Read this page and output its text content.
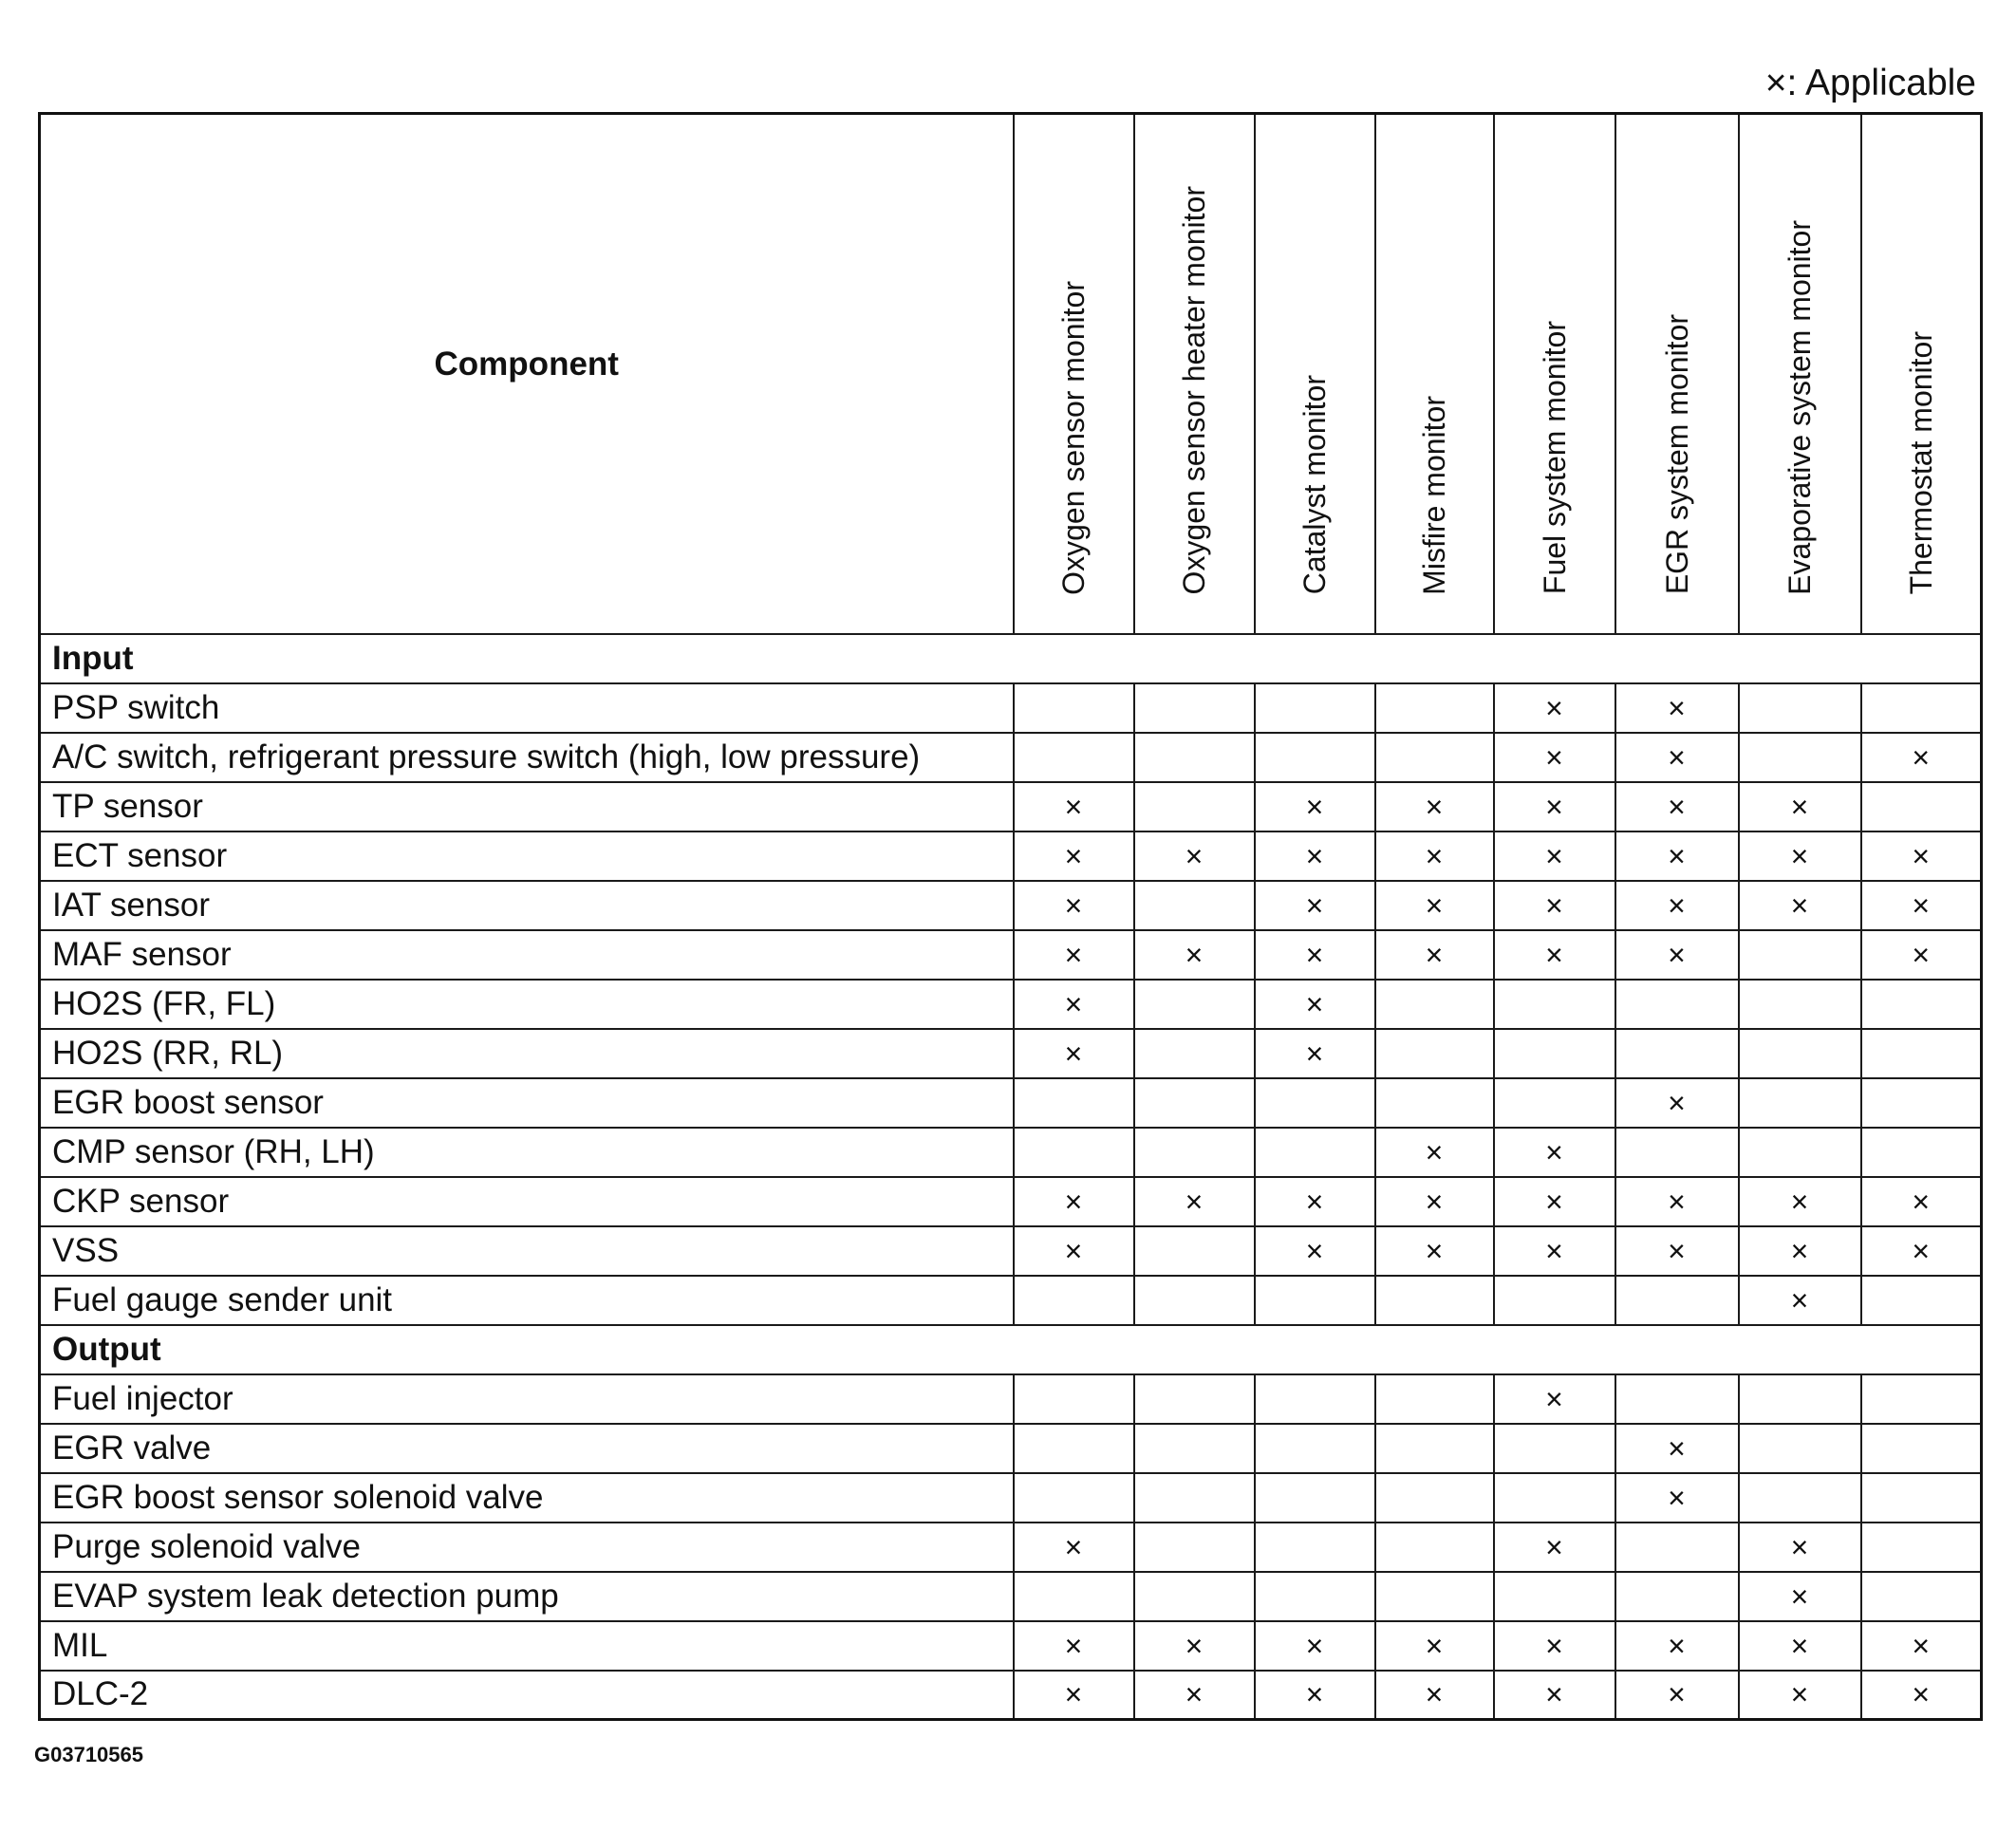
×: Applicable
Component	Oxygen sensor monitor	Oxygen sensor heater monitor	Catalyst monitor	Misfire monitor	Fuel system monitor	EGR system monitor	Evaporative system monitor	Thermostat monitor

Input								
PSP switch					×	×		
A/C switch, refrigerant pressure switch (high, low pressure)					×	×		×
TP sensor	×		×	×	×	×	×	
ECT sensor	×	×	×	×	×	×	×	×
IAT sensor	×		×	×	×	×	×	×
MAF sensor	×	×	×	×	×	×		×
HO2S (FR, FL)	×		×					
HO2S (RR, RL)	×		×					
EGR boost sensor						×		
CMP sensor (RH, LH)				×	×			
CKP sensor	×	×	×	×	×	×	×	×
VSS	×		×	×	×	×	×	×
Fuel gauge sender unit							×	
Output								
Fuel injector					×			
EGR valve						×		
EGR boost sensor solenoid valve						×		
Purge solenoid valve	×				×		×	
EVAP system leak detection pump							×	
MIL	×	×	×	×	×	×	×	×
DLC-2	×	×	×	×	×	×	×	×
G03710565
